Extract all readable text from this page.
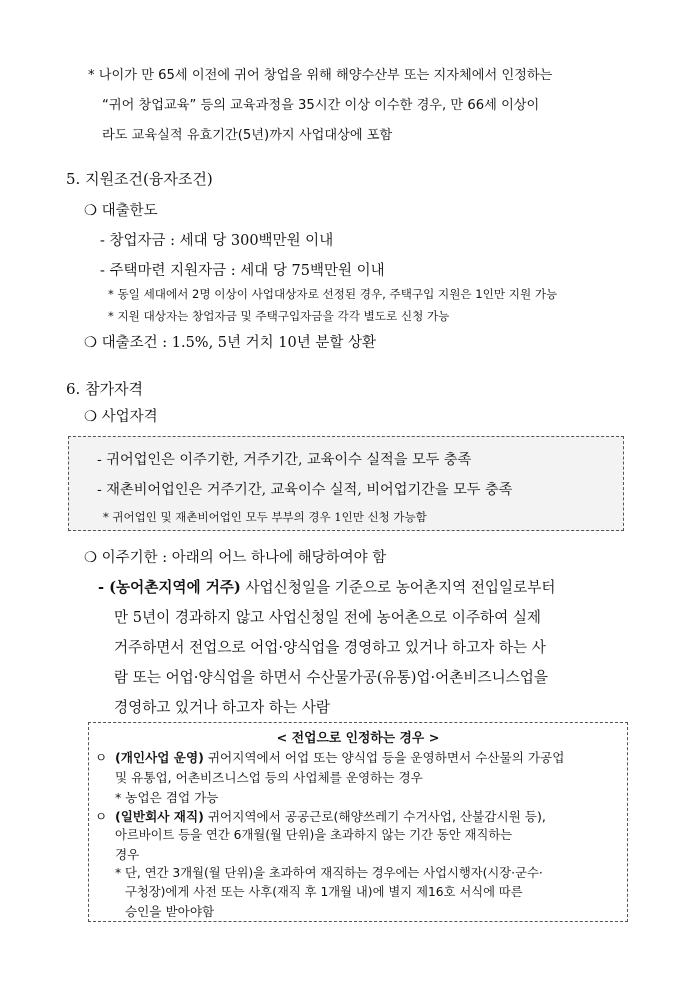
* 나이가 만 65세 이전에 귀어 창업을 위해 해양수산부 또는 지자체에서 인정하는
“귀어 창업교육” 등의 교육과정을 35시간 이상 이수한 경우, 만 66세 이상이
라도 교육실적 유효기간(5년)까지 사업대상에 포함
5. 지원조건(융자조건)
❍ 대출한도
- 창업자금 : 세대 당 300백만원 이내
- 주택마련 지원자금 : 세대 당 75백만원 이내
* 동일 세대에서 2명 이상이 사업대상자로 선정된 경우, 주택구입 지원은 1인만 지원 가능
* 지원 대상자는 창업자금 및 주택구입자금을 각각 별도로 신청 가능
❍ 대출조건 : 1.5%, 5년 거치 10년 분할 상환
6. 참가자격
❍ 사업자격
- 귀어업인은 이주기한, 거주기간, 교육이수 실적을 모두 충족
- 재촌비어업인은 거주기간, 교육이수 실적, 비어업기간을 모두 충족
* 귀어업인 및 재촌비어업인 모두 부부의 경우 1인만 신청 가능함
❍ 이주기한 : 아래의 어느 하나에 해당하여야 함
- (농어촌지역에 거주) 사업신청일을 기준으로 농어촌지역 전입일로부터
만 5년이 경과하지 않고 사업신청일 전에 농어촌으로 이주하여 실제
거주하면서 전업으로 어업·양식업을 경영하고 있거나 하고자 하는 사
람 또는 어업·양식업을 하면서 수산물가공(유통)업·어촌비즈니스업을
경영하고 있거나 하고자 하는 사람
< 전업으로 인정하는 경우 >
ㅇ (개인사업 운영) 귀어지역에서 어업 또는 양식업 등을 운영하면서 수산물의 가공업
및 유통업, 어촌비즈니스업 등의 사업체를 운영하는 경우
* 농업은 겸업 가능
ㅇ (일반회사 재직) 귀어지역에서 공공근로(해양쓰레기 수거사업, 산불감시원 등),
아르바이트 등을 연간 6개월(월 단위)을 초과하지 않는 기간 동안 재직하는
경우
* 단, 연간 3개월(월 단위)을 초과하여 재직하는 경우에는 사업시행자(시장·군수·
구청장)에게 사전 또는 사후(재직 후 1개월 내)에 별지 제16호 서식에 따른
승인을 받아야함
